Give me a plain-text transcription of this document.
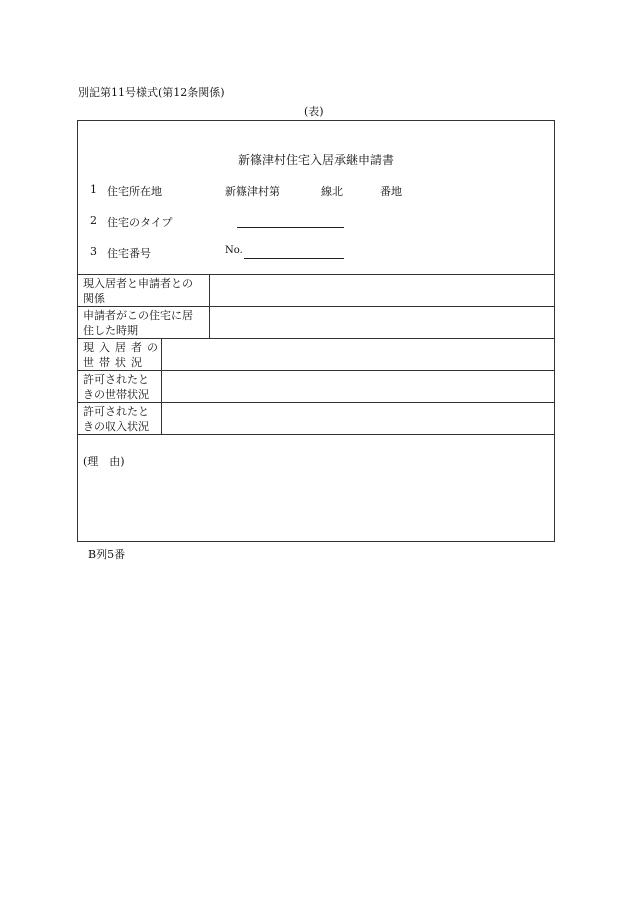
別記第11号様式(第12条関係)
(表)
新篠津村住宅入居承継申請書
1 住宅所在地	新篠津村第	線北	番地
2 住宅のタイプ
3 住宅番号	No.
現入居者と申請者との
関係
申請者がこの住宅に居
住した時期
現入居者の
世帯状況
許可されたと
きの世帯状況
許可されたと
きの収入状況
(理　由)
B列5番
